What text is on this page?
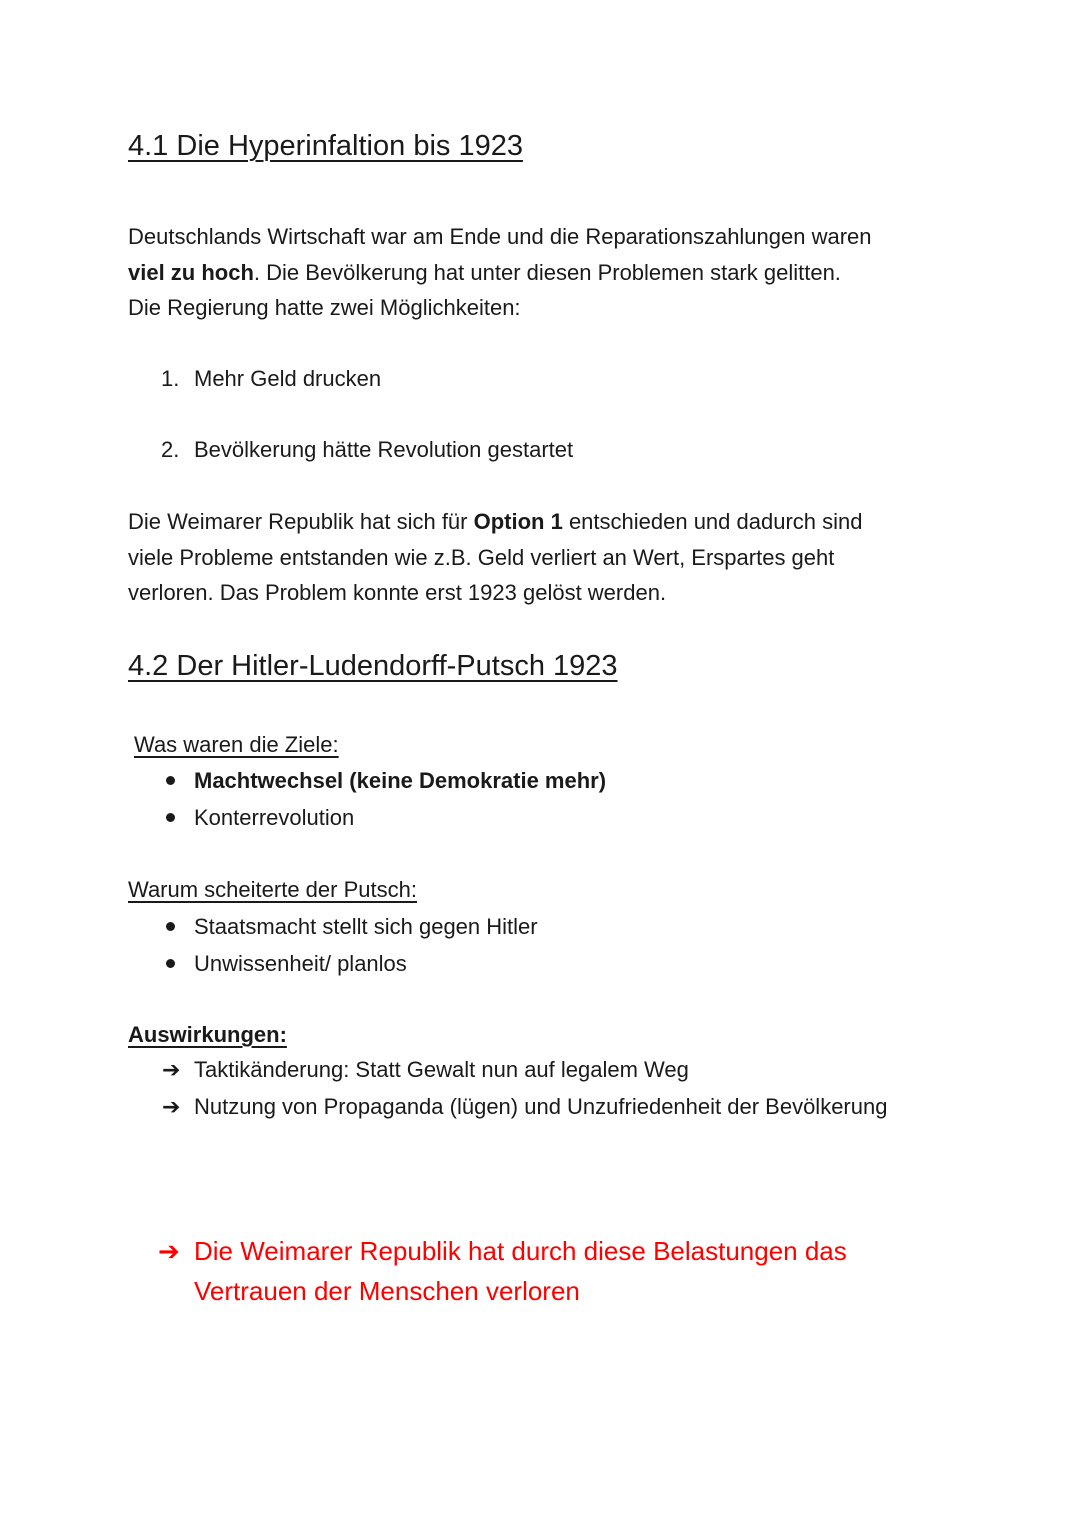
4.1 Die Hyperinfaltion bis 1923
Deutschlands Wirtschaft war am Ende und die Reparationszahlungen waren
viel zu hoch. Die Bevölkerung hat unter diesen Problemen stark gelitten.
Die Regierung hatte zwei Möglichkeiten:
1. Mehr Geld drucken
2. Bevölkerung hätte Revolution gestartet
Die Weimarer Republik hat sich für Option 1 entschieden und dadurch sind
viele Probleme entstanden wie z.B. Geld verliert an Wert, Erspartes geht
verloren. Das Problem konnte erst 1923 gelöst werden.
4.2 Der Hitler-Ludendorff-Putsch 1923
Was waren die Ziele:
Machtwechsel (keine Demokratie mehr)
Konterrevolution
Warum scheiterte der Putsch:
Staatsmacht stellt sich gegen Hitler
Unwissenheit/ planlos
Auswirkungen:
➔ Taktikänderung: Statt Gewalt nun auf legalem Weg
➔ Nutzung von Propaganda (lügen) und Unzufriedenheit der Bevölkerung
➔ Die Weimarer Republik hat durch diese Belastungen das
Vertrauen der Menschen verloren
